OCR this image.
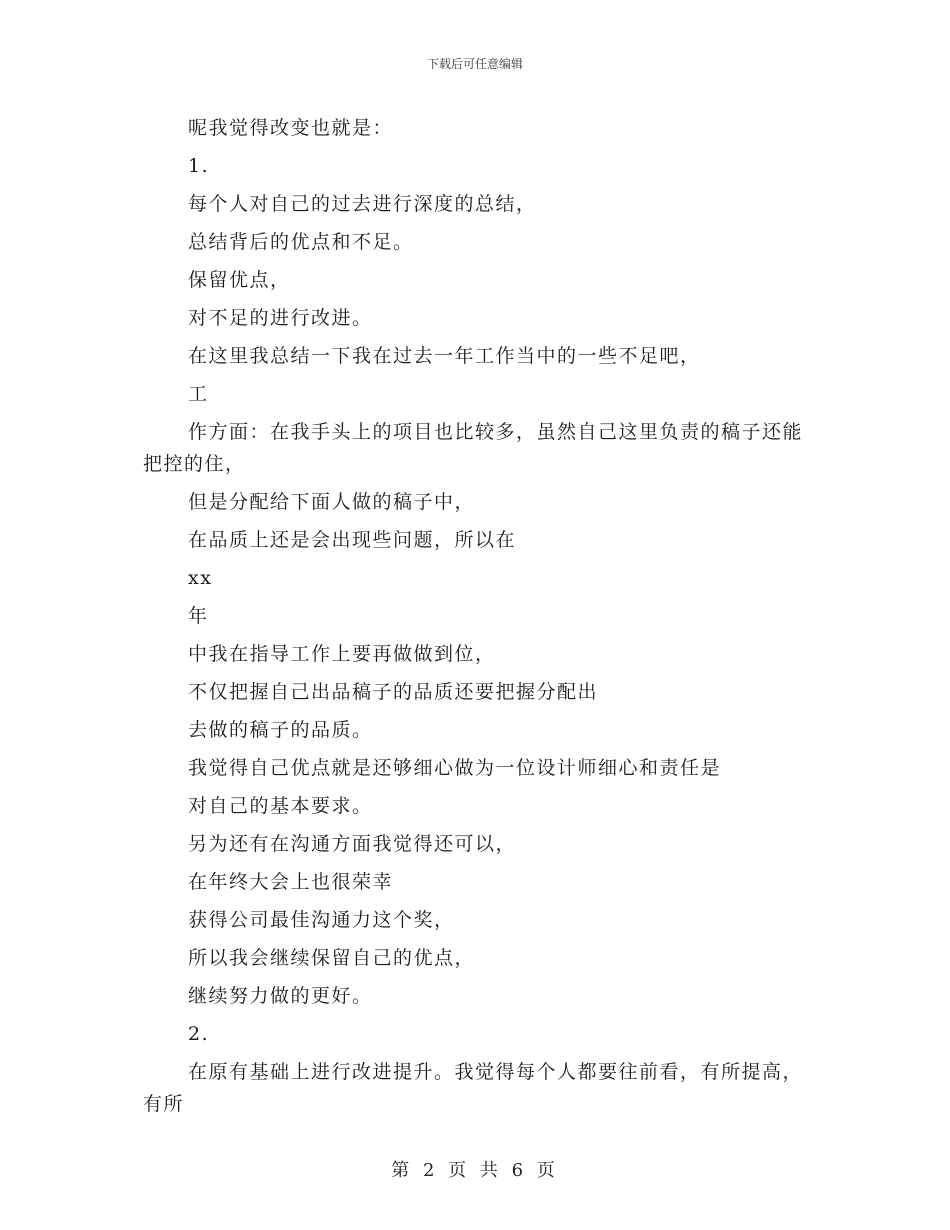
下载后可任意编辑

呢我觉得改变也就是：

1.

每个人对自己的过去进行深度的总结，

总结背后的优点和不足。

保留优点，

对不足的进行改进。

在这里我总结一下我在过去一年工作当中的一些不足吧，

工

作方面：在我手头上的项目也比较多，虽然自己这里负责的稿子还能把控的住，

但是分配给下面人做的稿子中，

在品质上还是会出现些问题，所以在

xx

年

中我在指导工作上要再做做到位，

不仅把握自己出品稿子的品质还要把握分配出

去做的稿子的品质。

我觉得自己优点就是还够细心做为一位设计师细心和责任是

对自己的基本要求。

另为还有在沟通方面我觉得还可以，

在年终大会上也很荣幸

获得公司最佳沟通力这个奖，

所以我会继续保留自己的优点，

继续努力做的更好。

2.

在原有基础上进行改进提升。我觉得每个人都要往前看，有所提高，有所

第 2 页 共 6 页
